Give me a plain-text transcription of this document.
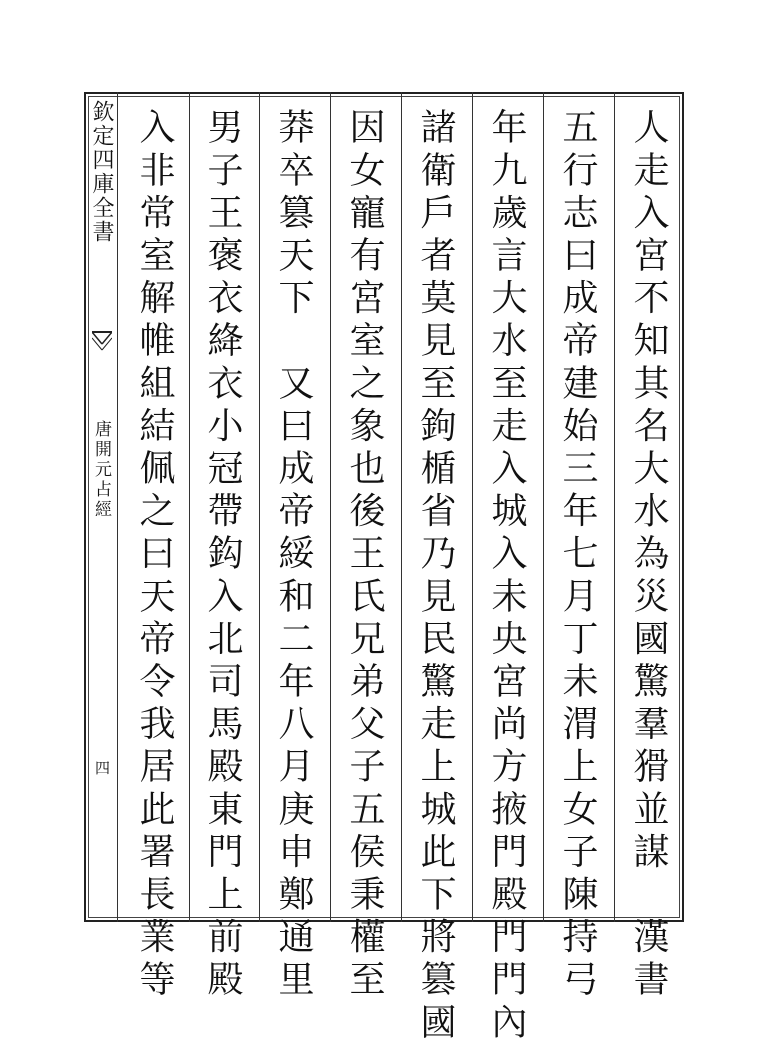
欽定四庫全書
唐開元占經
四	人走入宮不知其名大水為災國驚羣猾並謀　漢書
五行志曰成帝建始三年七月丁未渭上女子陳持弓
年九歲言大水至走入城入未央宮尚方掖門殿門門內
諸衛戶者莫見至鉤楯省乃見民驚走上城此下將篡國
因女寵有宮室之象也後王氏兄弟父子五侯秉權至
莽卒篡天下　又曰成帝綏和二年八月庚申鄭通里
男子王褒衣絳衣小冠帶鈎入北司馬殿東門上前殿
入非常室解帷組結佩之曰天帝令我居此署長業等
